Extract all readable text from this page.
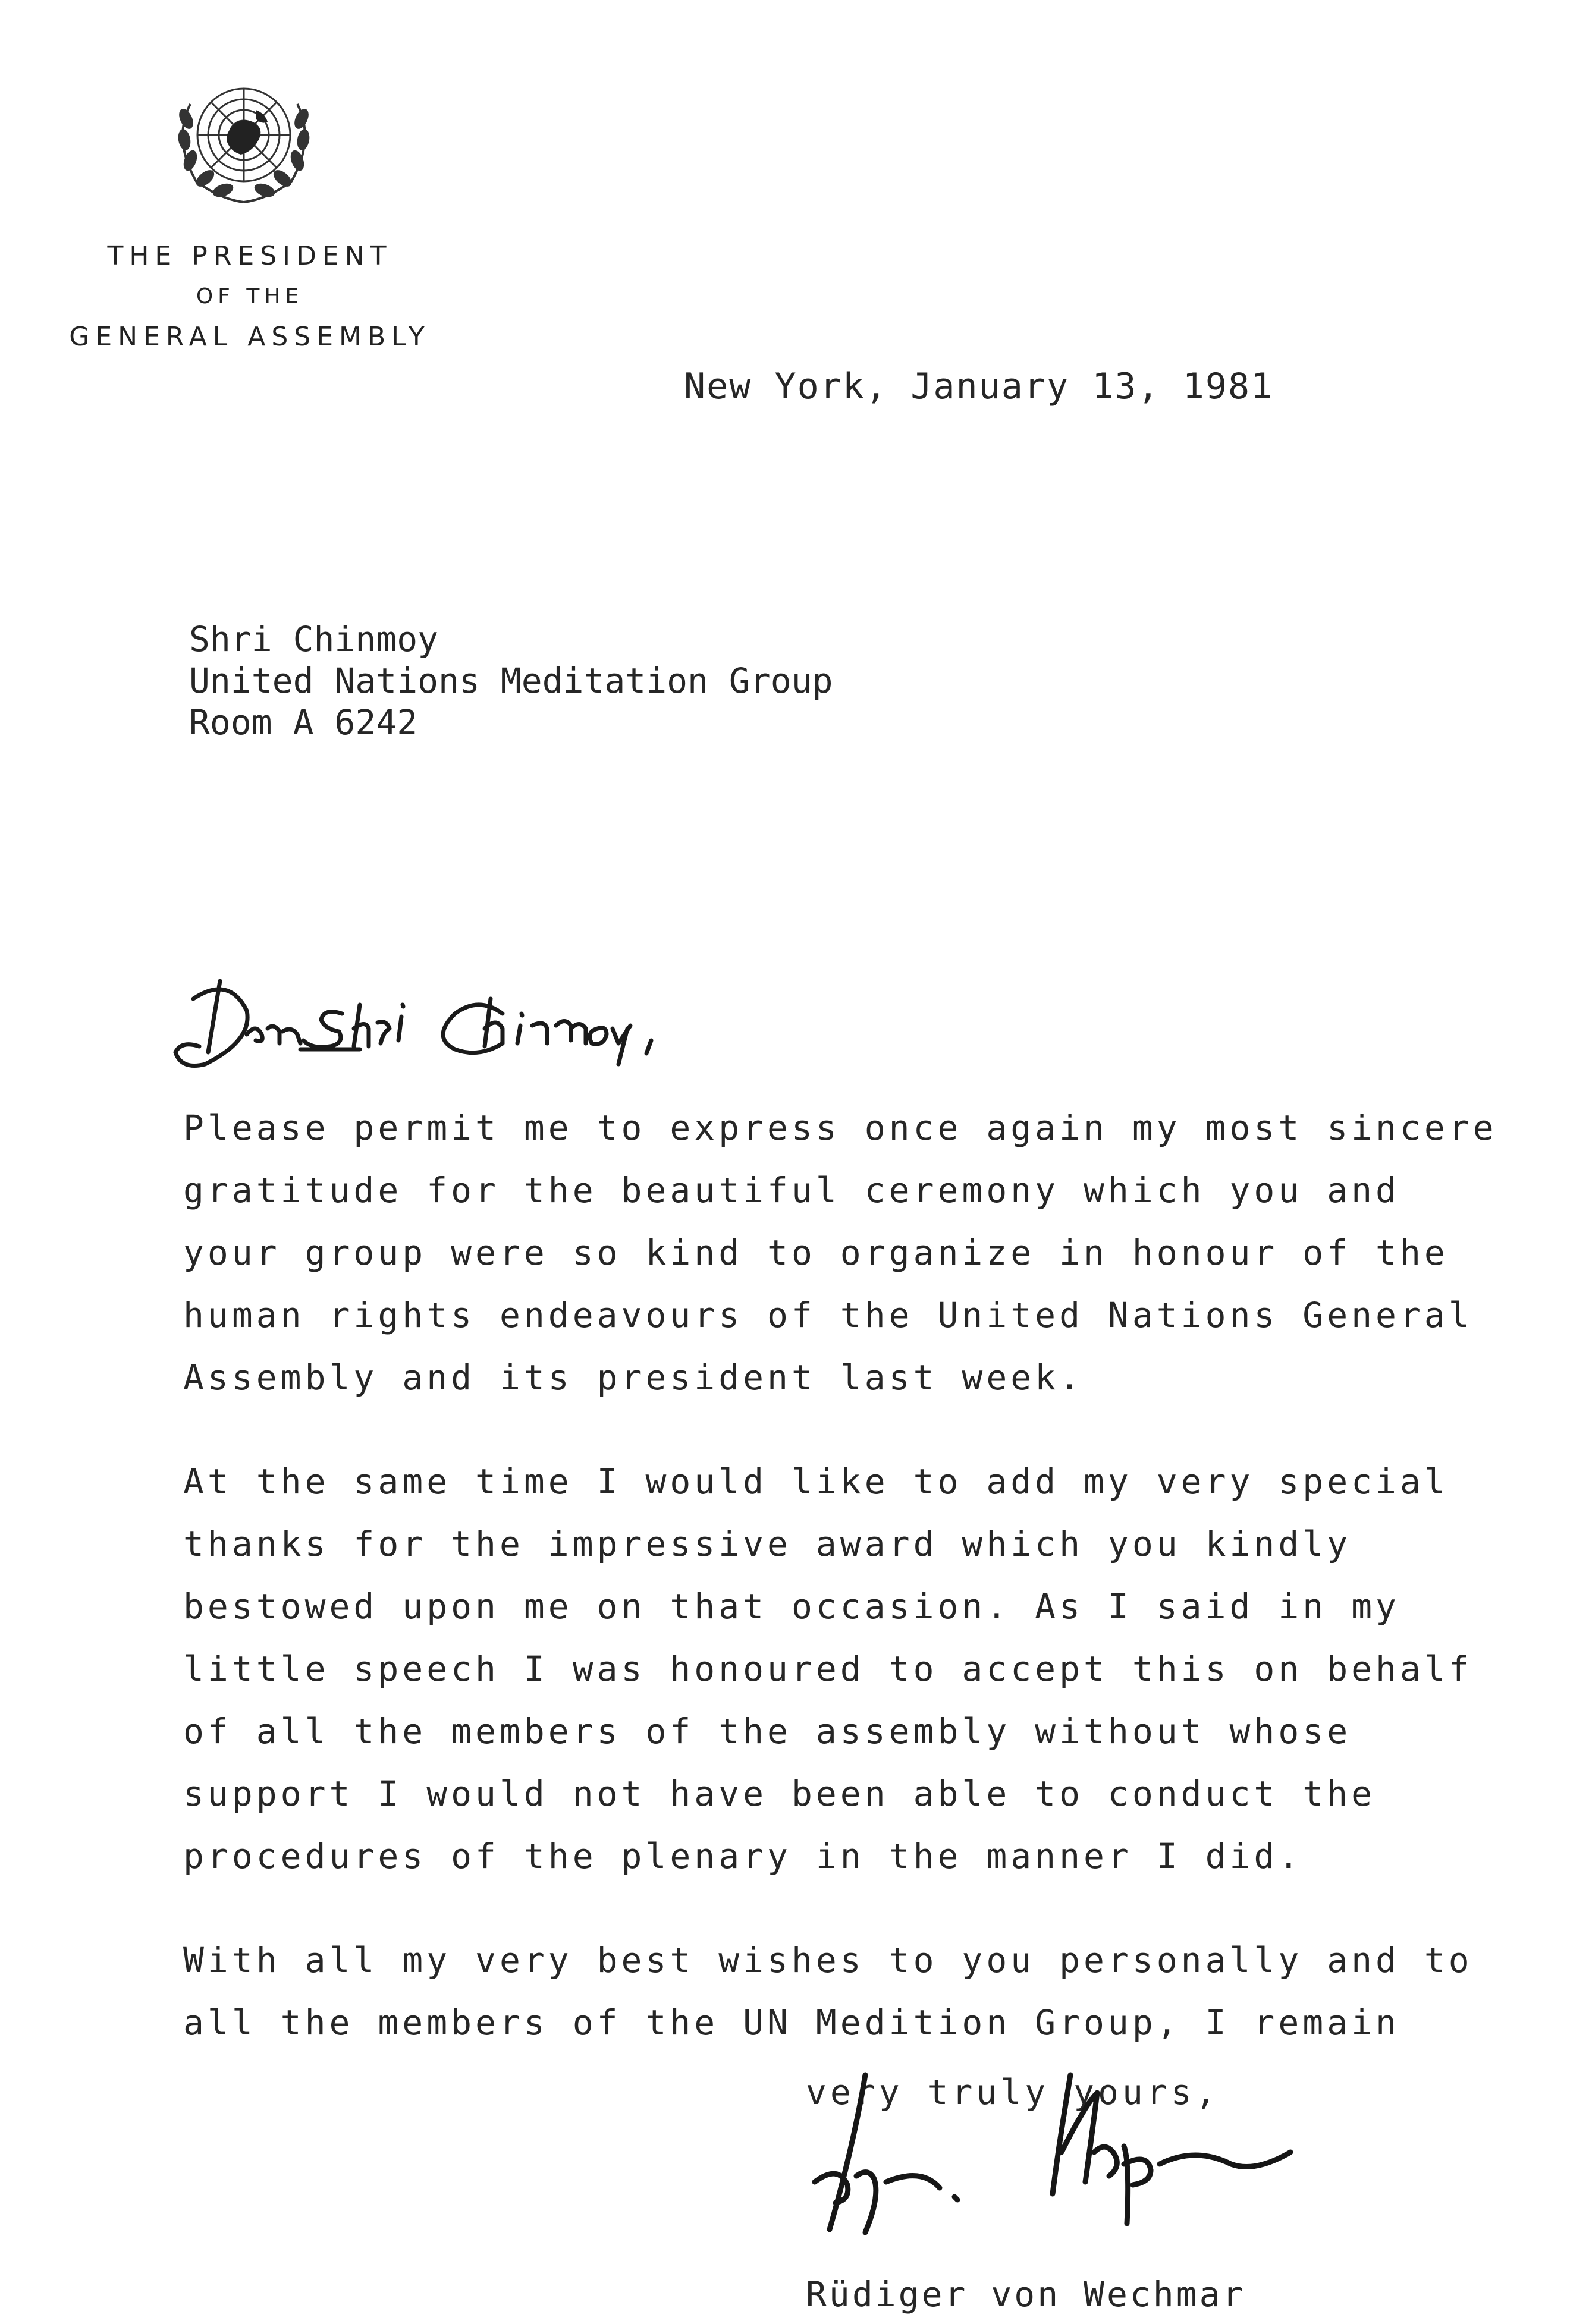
THE PRESIDENT
OF THE
GENERAL ASSEMBLY
New York, January 13, 1981
Shri Chinmoy
United Nations Meditation Group
Room A 6242

Please permit me to express once again my most sincere
gratitude for the beautiful ceremony which you and
your group were so kind to organize in honour of the
human rights endeavours of the United Nations General
Assembly and its president last week.

At the same time I would like to add my very special
thanks for the impressive award which you kindly
bestowed upon me on that occasion. As I said in my
little speech I was honoured to accept this on behalf
of all the members of the assembly without whose
support I would not have been able to conduct the
procedures of the plenary in the manner I did.

With all my very best wishes to you personally and to
all the members of the UN Medition Group, I remain

very truly yours,
Rüdiger von Wechmar
